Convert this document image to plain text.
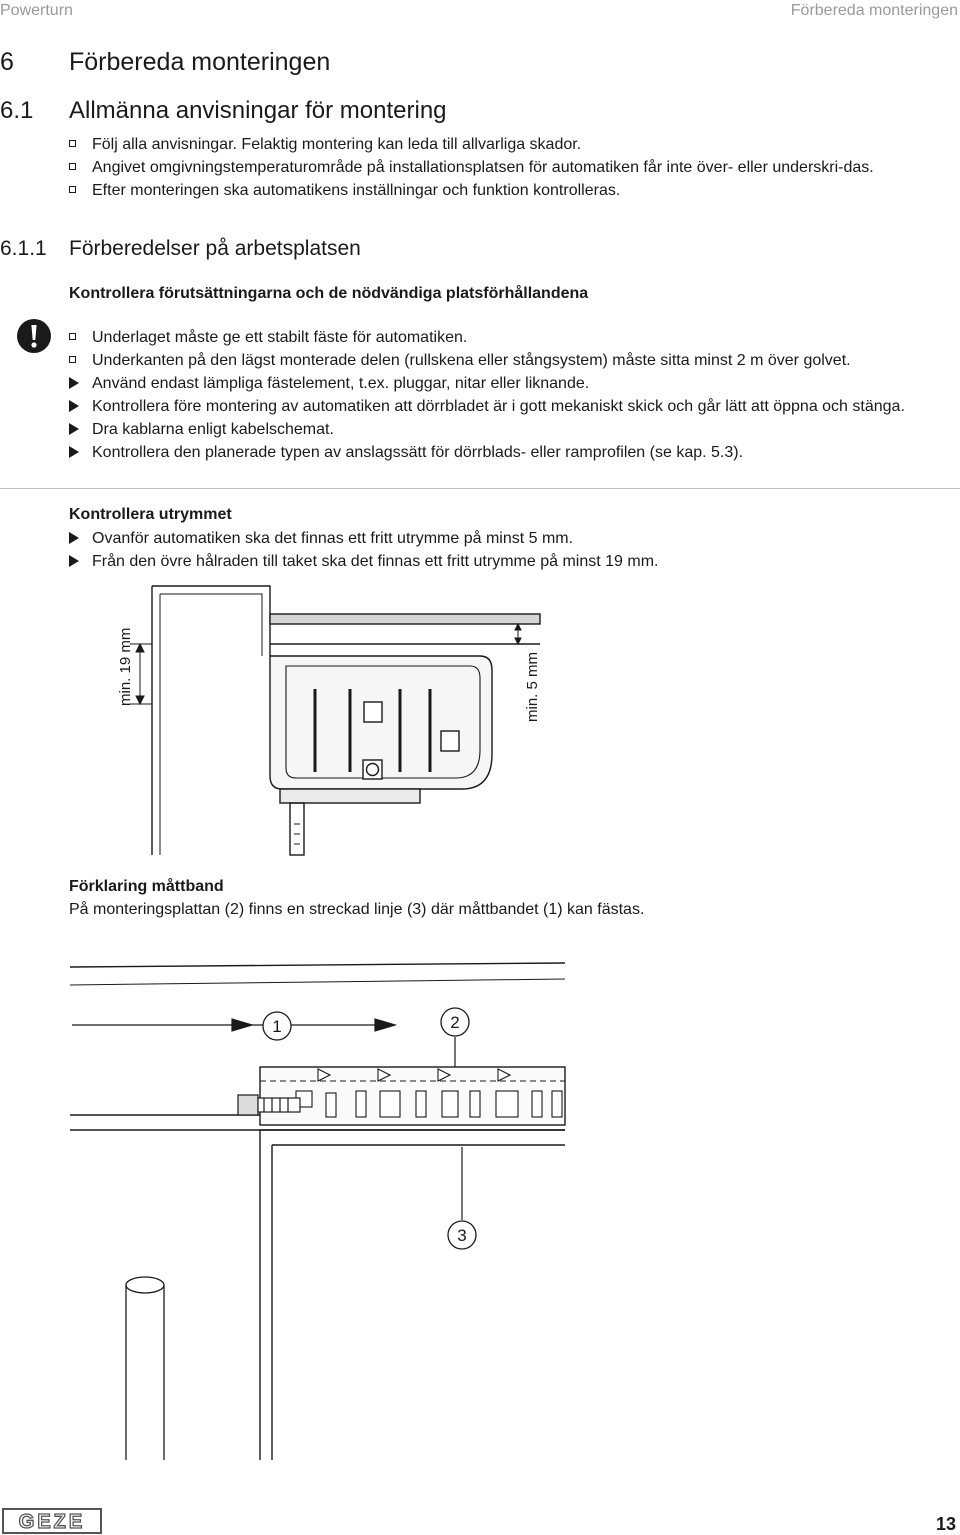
Powerturn	Förbereda monteringen
6 Förbereda monteringen
6.1 Allmänna anvisningar för montering
Följ alla anvisningar. Felaktig montering kan leda till allvarliga skador.
Angivet omgivningstemperaturområde på installationsplatsen för automatiken får inte över- eller underskri-das.
Efter monteringen ska automatikens inställningar och funktion kontrolleras.
6.1.1 Förberedelser på arbetsplatsen
Kontrollera förutsättningarna och de nödvändiga platsförhållandena
Underlaget måste ge ett stabilt fäste för automatiken.
Underkanten på den lägst monterade delen (rullskena eller stångsystem) måste sitta minst 2 m över golvet.
Använd endast lämpliga fästelement, t.ex. pluggar, nitar eller liknande.
Kontrollera före montering av automatiken att dörrbladet är i gott mekaniskt skick och går lätt att öppna och stänga.
Dra kablarna enligt kabelschemat.
Kontrollera den planerade typen av anslagssätt för dörrblads- eller ramprofilen (se kap. 5.3).
Kontrollera utrymmet
Ovanför automatiken ska det finnas ett fritt utrymme på minst 5 mm.
Från den övre hålraden till taket ska det finnas ett fritt utrymme på minst 19 mm.
min. 19 mm	min. 5 mm
Förklaring måttband
På monteringsplattan (2) finns en streckad linje (3) där måttbandet (1) kan fästas.
1	2
3
GEZE	13
